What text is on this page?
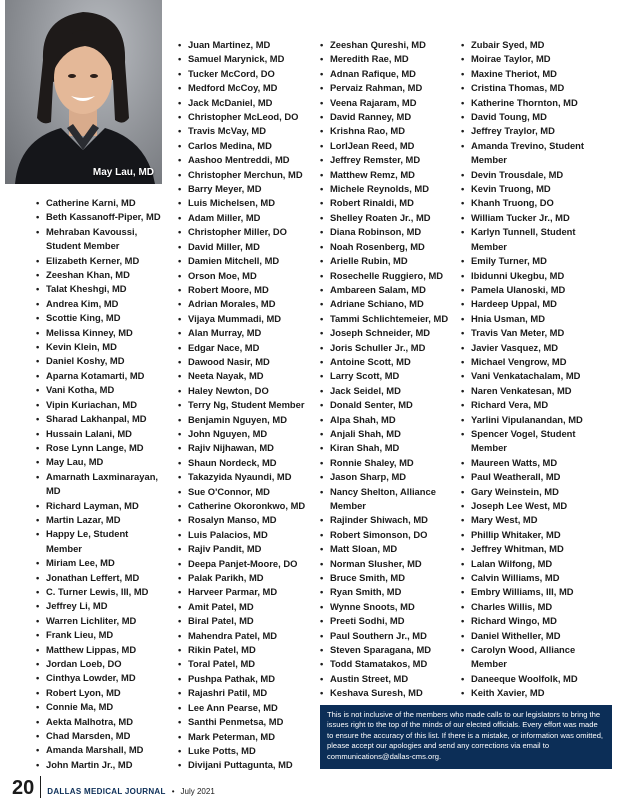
May Lau, MD
• Catherine Karni, MD
• Beth Kassanoff-Piper, MD
• Mehraban Kavoussi, Student Member
• Elizabeth Kerner, MD
• Zeeshan Khan, MD
• Talat Kheshgi, MD
• Andrea Kim, MD
• Scottie King, MD
• Melissa Kinney, MD
• Kevin Klein, MD
• Daniel Koshy, MD
• Aparna Kotamarti, MD
• Vani Kotha, MD
• Vipin Kuriachan, MD
• Sharad Lakhanpal, MD
• Hussain Lalani, MD
• Rose Lynn Lange, MD
• May Lau, MD
• Amarnath Laxminarayan, MD
• Richard Layman, MD
• Martin Lazar, MD
• Happy Le, Student Member
• Miriam Lee, MD
• Jonathan Leffert, MD
• C. Turner Lewis, III, MD
• Jeffrey Li, MD
• Warren Lichliter, MD
• Frank Lieu, MD
• Matthew Lippas, MD
• Jordan Loeb, DO
• Cinthya Lowder, MD
• Robert Lyon, MD
• Connie Ma, MD
• Aekta Malhotra, MD
• Chad Marsden, MD
• Amanda Marshall, MD
• John Martin Jr., MD
• Juan Martinez, MD
• Samuel Marynick, MD
• Tucker McCord, DO
• Medford McCoy, MD
• Jack McDaniel, MD
• Christopher McLeod, DO
• Travis McVay, MD
• Carlos Medina, MD
• Aashoo Mentreddi, MD
• Christopher Merchun, MD
• Barry Meyer, MD
• Luis Michelsen, MD
• Adam Miller, MD
• Christopher Miller, DO
• David Miller, MD
• Damien Mitchell, MD
• Orson Moe, MD
• Robert Moore, MD
• Adrian Morales, MD
• Vijaya Mummadi, MD
• Alan Murray, MD
• Edgar Nace, MD
• Dawood Nasir, MD
• Neeta Nayak, MD
• Haley Newton, DO
• Terry Ng, Student Member
• Benjamin Nguyen, MD
• John Nguyen, MD
• Rajiv Nijhawan, MD
• Shaun Nordeck, MD
• Takazyida Nyaundi, MD
• Sue O'Connor, MD
• Catherine Okoronkwo, MD
• Rosalyn Manso, MD
• Luis Palacios, MD
• Rajiv Pandit, MD
• Deepa Panjet-Moore, DO
• Palak Parikh, MD
• Harveer Parmar, MD
• Amit Patel, MD
• Biral Patel, MD
• Mahendra Patel, MD
• Rikin Patel, MD
• Toral Patel, MD
• Pushpa Pathak, MD
• Rajashri Patil, MD
• Lee Ann Pearse, MD
• Santhi Penmetsa, MD
• Mark Peterman, MD
• Luke Potts, MD
• Divijani Puttagunta, MD
• Zeeshan Qureshi, MD
• Meredith Rae, MD
• Adnan Rafique, MD
• Pervaiz Rahman, MD
• Veena Rajaram, MD
• David Ranney, MD
• Krishna Rao, MD
• LorIJean Reed, MD
• Jeffrey Remster, MD
• Matthew Remz, MD
• Michele Reynolds, MD
• Robert Rinaldi, MD
• Shelley Roaten Jr., MD
• Diana Robinson, MD
• Noah Rosenberg, MD
• Arielle Rubin, MD
• Rosechelle Ruggiero, MD
• Ambareen Salam, MD
• Adriane Schiano, MD
• Tammi Schlichtemeier, MD
• Joseph Schneider, MD
• Joris Schuller Jr., MD
• Antoine Scott, MD
• Larry Scott, MD
• Jack Seidel, MD
• Donald Senter, MD
• Alpa Shah, MD
• Anjali Shah, MD
• Kiran Shah, MD
• Ronnie Shaley, MD
• Jason Sharp, MD
• Nancy Shelton, Alliance Member
• Rajinder Shiwach, MD
• Robert Simonson, DO
• Matt Sloan, MD
• Norman Slusher, MD
• Bruce Smith, MD
• Ryan Smith, MD
• Wynne Snoots, MD
• Preeti Sodhi, MD
• Paul Southern Jr., MD
• Steven Sparagana, MD
• Todd Stamatakos, MD
• Austin Street, MD
• Keshava Suresh, MD
• Zubair Syed, MD
• Moirae Taylor, MD
• Maxine Theriot, MD
• Cristina Thomas, MD
• Katherine Thornton, MD
• David Toung, MD
• Jeffrey Traylor, MD
• Amanda Trevino, Student Member
• Devin Trousdale, MD
• Kevin Truong, MD
• Khanh Truong, DO
• William Tucker Jr., MD
• Karlyn Tunnell, Student Member
• Emily Turner, MD
• Ibidunni Ukegbu, MD
• Pamela Ulanoski, MD
• Hardeep Uppal, MD
• Hnia Usman, MD
• Travis Van Meter, MD
• Javier Vasquez, MD
• Michael Vengrow, MD
• Vani Venkatachalam, MD
• Naren Venkatesan, MD
• Richard Vera, MD
• Yarlini Vipulanandan, MD
• Spencer Vogel, Student Member
• Maureen Watts, MD
• Paul Weatherall, MD
• Gary Weinstein, MD
• Joseph Lee West, MD
• Mary West, MD
• Phillip Whitaker, MD
• Jeffrey Whitman, MD
• Lalan Wilfong, MD
• Calvin Williams, MD
• Embry Williams, III, MD
• Charles Willis, MD
• Richard Wingo, MD
• Daniel Witheller, MD
• Carolyn Wood, Alliance Member
• Daneeque Woolfolk, MD
• Keith Xavier, MD
This is not inclusive of the members who made calls to our legislators to bring the issues right to the top of the minds of our elected officials. Every effort was made to ensure the accuracy of this list. If there is a mistake, or information was omitted, please accept our apologies and send any corrections via email to communications@dallas-cms.org.
20 DALLAS MEDICAL JOURNAL • July 2021
